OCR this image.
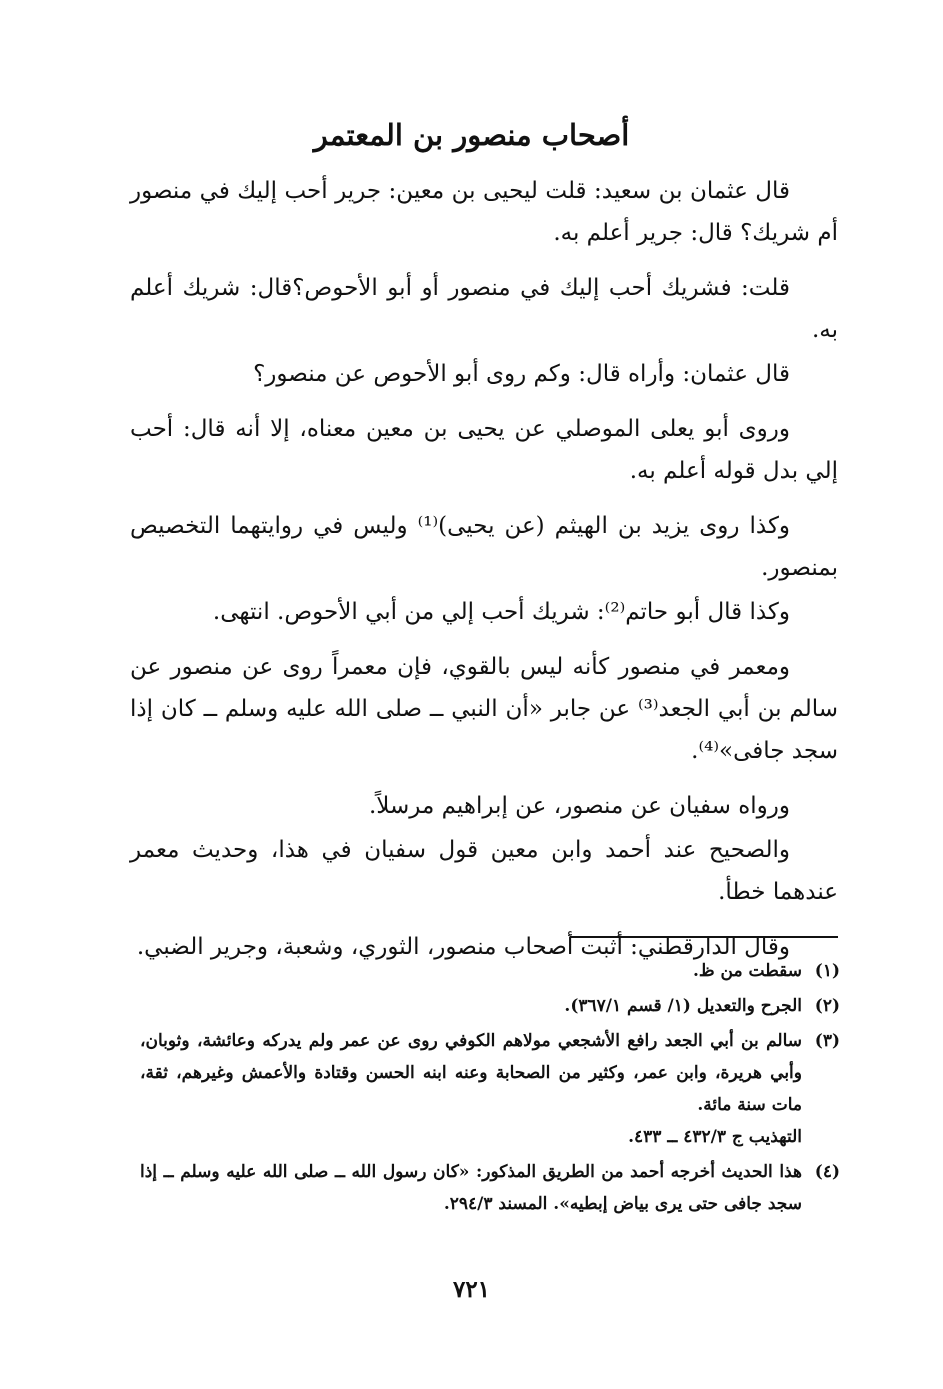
أصحاب منصور بن المعتمر

قال عثمان بن سعيد: قلت ليحيى بن معين: جرير أحب إليك في منصور أم شريك؟ قال: جرير أعلم به.

قلت: فشريك أحب إليك في منصور أو أبو الأحوص؟قال: شريك أعلم به.

قال عثمان: وأراه قال: وكم روى أبو الأحوص عن منصور؟

وروى أبو يعلى الموصلي عن يحيى بن معين معناه، إلا أنه قال: أحب إلي بدل قوله أعلم به.

وكذا روى يزيد بن الهيثم (عن يحيى)⁽¹⁾ وليس في روايتهما التخصيص بمنصور.

وكذا قال أبو حاتم⁽²⁾: شريك أحب إلي من أبي الأحوص. انتهى.

ومعمر في منصور كأنه ليس بالقوي، فإن معمراً روى عن منصور عن سالم بن أبي الجعد⁽³⁾ عن جابر «أن النبي ــ صلى الله عليه وسلم ــ كان إذا سجد جافى»⁽⁴⁾.

ورواه سفيان عن منصور، عن إبراهيم مرسلاً.

والصحيح عند أحمد وابن معين قول سفيان في هذا، وحديث معمر عندهما خطأ.

وقال الدارقطني: أثبت أصحاب منصور، الثوري، وشعبة، وجرير الضبي.

(١)
سقطت من ظ.
(٢)
الجرح والتعديل (١/ قسم ٣٦٧/١).
(٣)
سالم بن أبي الجعد رافع الأشجعي مولاهم الكوفي روى عن عمر ولم يدركه وعائشة، وثوبان، وأبي هريرة، وابن عمر، وكثير من الصحابة وعنه ابنه الحسن وقتادة والأعمش وغيرهم، ثقة، مات سنة مائة.
التهذيب ج ٤٣٢/٣ ــ ٤٣٣.
(٤)
هذا الحديث أخرجه أحمد من الطريق المذكور: «كان رسول الله ــ صلى الله عليه وسلم ــ إذا سجد جافى حتى يرى بياض إبطيه». المسند ٢٩٤/٣.
٧٢١
